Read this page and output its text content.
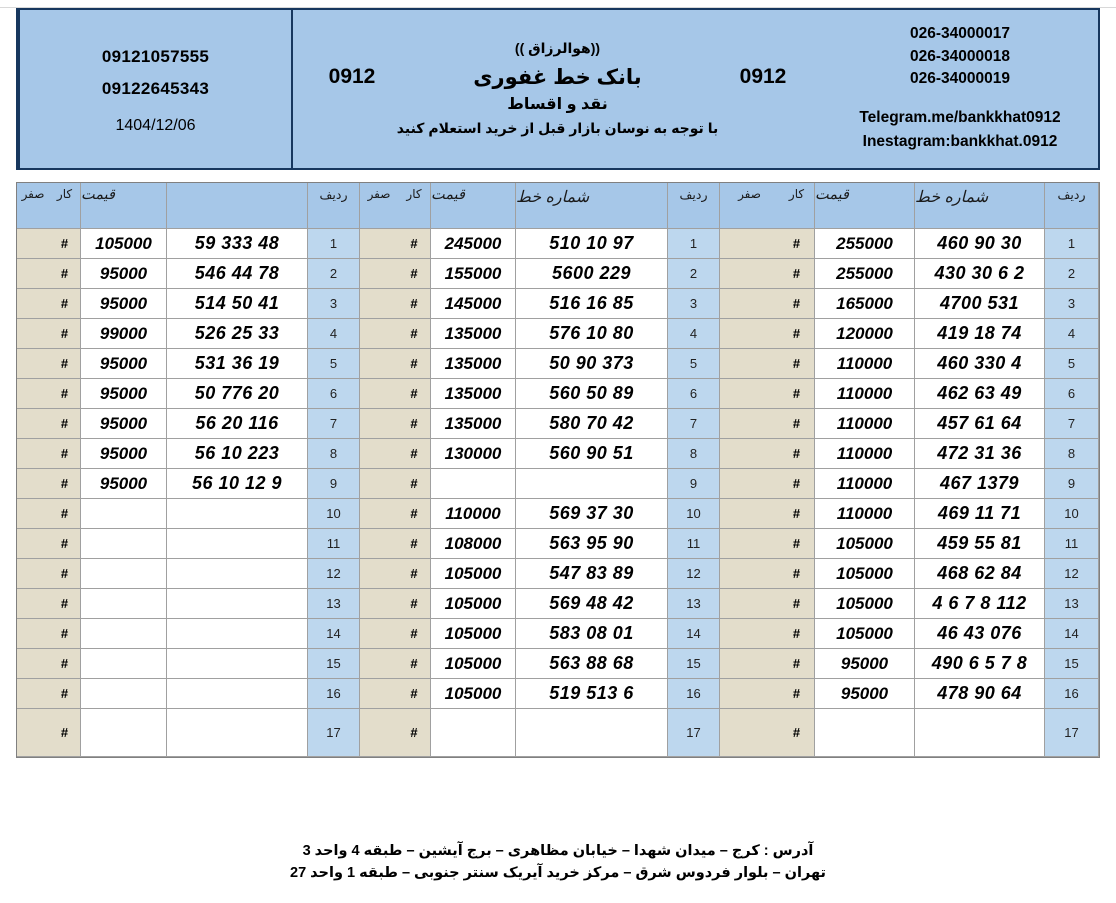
026-34000017
026-34000018
026-34000019
Telegram.me/bankkhat0912
Inestagram:bankkhat.0912
((هوالرزاق ))
0912
بانک خط غفوری
0912
نقد و اقساط
با توجه به نوسان بازار قبل از خرید استعلام کنید
09121057555
09122645343
1404/12/06
ردیف
شماره خط
قیمت
کار
صفر
1
460 90 30
255000
#
2
430 30 6 2
255000
#
3
4700 531
165000
#
4
419 18 74
120000
#
5
460 330 4
110000
#
6
462 63 49
110000
#
7
457 61 64
110000
#
8
472 31 36
110000
#
9
467 1379
110000
#
10
469 11 71
110000
#
11
459 55 81
105000
#
12
468 62 84
105000
#
13
4 6 7 8 112
105000
#
14
46 43 076
105000
#
15
490 6 5 7 8
95000
#
16
478 90 64
95000
#
17
#
ردیف
شماره خط
قیمت
کار
صفر
1
510 10 97
245000
#
2
5600 229
155000
#
3
516 16 85
145000
#
4
576 10 80
135000
#
5
50 90 373
135000
#
6
560 50 89
135000
#
7
580 70 42
135000
#
8
560 90 51
130000
#
9
#
10
569 37 30
110000
#
11
563 95 90
108000
#
12
547 83 89
105000
#
13
569 48 42
105000
#
14
583 08 01
105000
#
15
563 88 68
105000
#
16
519 513 6
105000
#
17
#
ردیف
قیمت
کار
صفر
1
59 333 48
105000
#
2
546 44 78
95000
#
3
514 50 41
95000
#
4
526 25 33
99000
#
5
531 36 19
95000
#
6
50 776 20
95000
#
7
56 20 116
95000
#
8
56 10 223
95000
#
9
56 10 12 9
95000
#
10
#
11
#
12
#
13
#
14
#
15
#
16
#
17
#
آدرس : کرج – میدان شهدا – خیابان مظاهری – برج آیشین – طبقه 4 واحد 3
تهران – بلوار فردوس شرق – مرکز خرید آیریک سنتر جنوبی – طبقه 1 واحد 27
